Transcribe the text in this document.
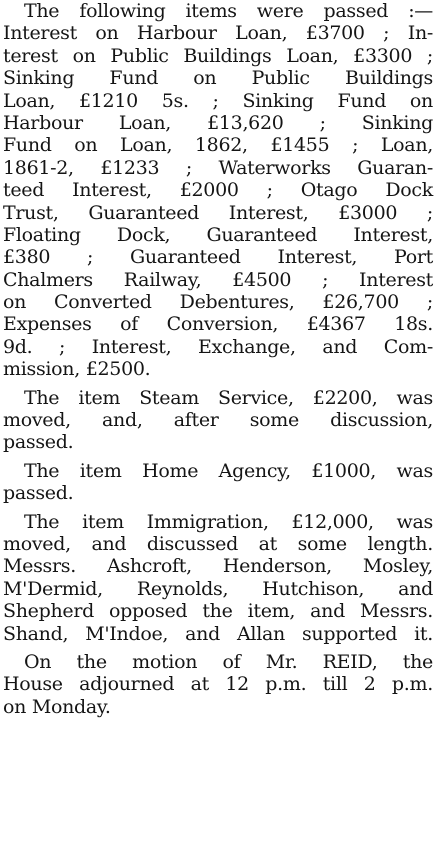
The following items were passed :—
Interest on Harbour Loan, £3700 ; In-
terest on Public Buildings Loan, £3300 ;
Sinking Fund on Public Buildings
Loan, £1210 5s. ; Sinking Fund on
Harbour Loan, £13,620 ; Sinking
Fund on Loan, 1862, £1455 ; Loan,
1861-2, £1233 ; Waterworks Guaran-
teed Interest, £2000 ; Otago Dock
Trust, Guaranteed Interest, £3000 ;
Floating Dock, Guaranteed Interest,
£380 ; Guaranteed Interest, Port
Chalmers Railway, £4500 ; Interest
on Converted Debentures, £26,700 ;
Expenses of Conversion, £4367 18s.
9d. ; Interest, Exchange, and Com-
mission, £2500.

The item Steam Service, £2200, was
moved, and, after some discussion,
passed.

The item Home Agency, £1000, was
passed.

The item Immigration, £12,000, was
moved, and discussed at some length.
Messrs. Ashcroft, Henderson, Mosley,
M'Dermid, Reynolds, Hutchison, and
Shepherd opposed the item, and Messrs.
Shand, M'Indoe, and Allan supported it.

On the motion of Mr. REID, the
House adjourned at 12 p.m. till 2 p.m.
on Monday.
